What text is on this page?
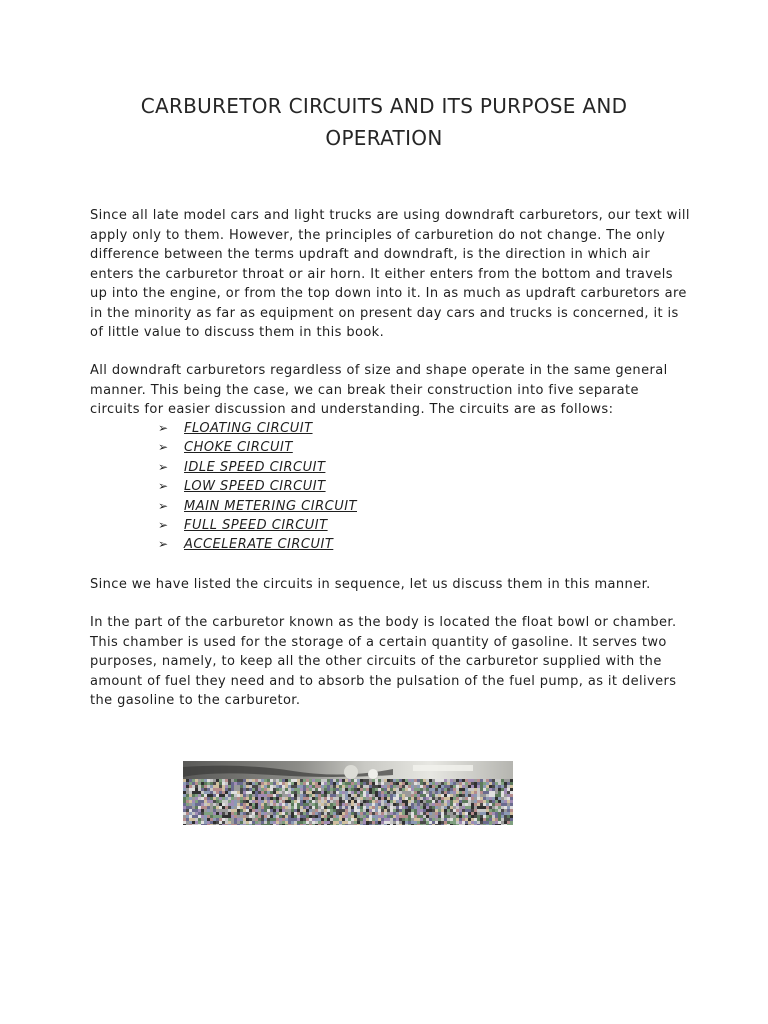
CARBURETOR CIRCUITS AND ITS PURPOSE AND
OPERATION

Since all late model cars and light trucks are using downdraft carburetors, our text will apply only to them. However, the principles of carburetion do not change. The only difference between the terms updraft and downdraft, is the direction in which air enters the carburetor throat or air horn. It either enters from the bottom and travels up into the engine, or from the top down into it. In as much as updraft carburetors are in the minority as far as equipment on present day cars and trucks is concerned, it is of little value to discuss them in this book.

All downdraft carburetors regardless of size and shape operate in the same general manner. This being the case, we can break their construction into five separate circuits for easier discussion and understanding. The circuits are as follows:

➢ FLOATING CIRCUIT
➢ CHOKE CIRCUIT
➢ IDLE SPEED CIRCUIT
➢ LOW SPEED CIRCUIT
➢ MAIN METERING CIRCUIT
➢ FULL SPEED CIRCUIT
➢ ACCELERATE CIRCUIT

Since we have listed the circuits in sequence, let us discuss them in this manner.

In the part of the carburetor known as the body is located the float bowl or chamber. This chamber is used for the storage of a certain quantity of gasoline. It serves two purposes, namely, to keep all the other circuits of the carburetor supplied with the amount of fuel they need and to absorb the pulsation of the fuel pump, as it delivers the gasoline to the carburetor.
